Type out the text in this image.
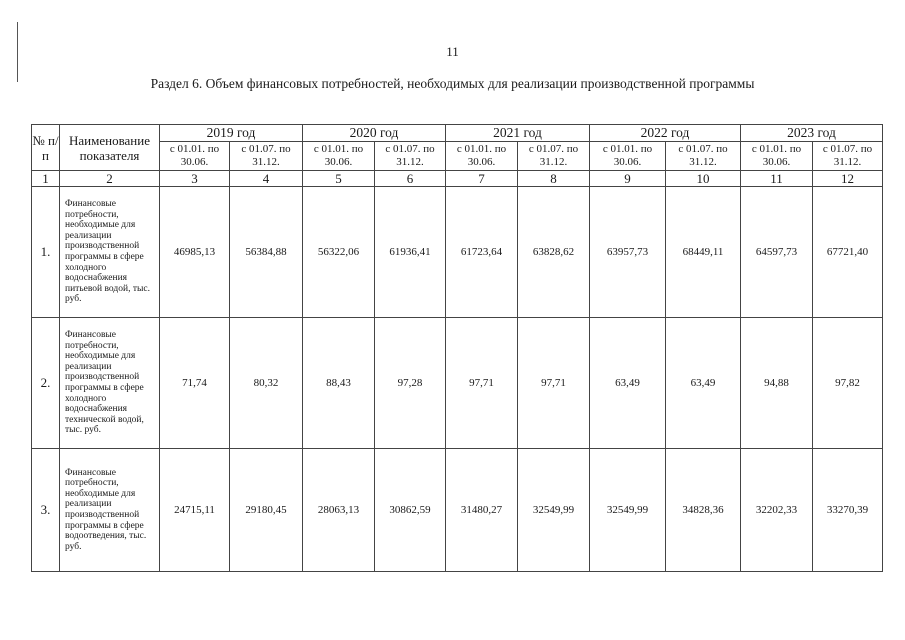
11
Раздел 6. Объем финансовых потребностей, необходимых для реализации производственной программы
№ п/п	Наименование показателя	2019 год		2020 год		2021 год		2022 год		2023 год	
		с 01.01. по 30.06.	с 01.07. по 31.12.	с 01.01. по 30.06.	с 01.07. по 31.12.	с 01.01. по 30.06.	с 01.07. по 31.12.	с 01.01. по 30.06.	с 01.07. по 31.12.	с 01.01. по 30.06.	с 01.07. по 31.12.
1	2	3	4	5	6	7	8	9	10	11	12
1.	Финансовые потребности, необходимые для реализации производственной программы в сфере холодного водоснабжения питьевой водой, тыс. руб.	46985,13	56384,88	56322,06	61936,41	61723,64	63828,62	63957,73	68449,11	64597,73	67721,40
2.	Финансовые потребности, необходимые для реализации производственной программы в сфере холодного водоснабжения технической водой, тыс. руб.	71,74	80,32	88,43	97,28	97,71	97,71	63,49	63,49	94,88	97,82
3.	Финансовые потребности, необходимые для реализации производственной программы в сфере водоотведения, тыс. руб.	24715,11	29180,45	28063,13	30862,59	31480,27	32549,99	32549,99	34828,36	32202,33	33270,39
